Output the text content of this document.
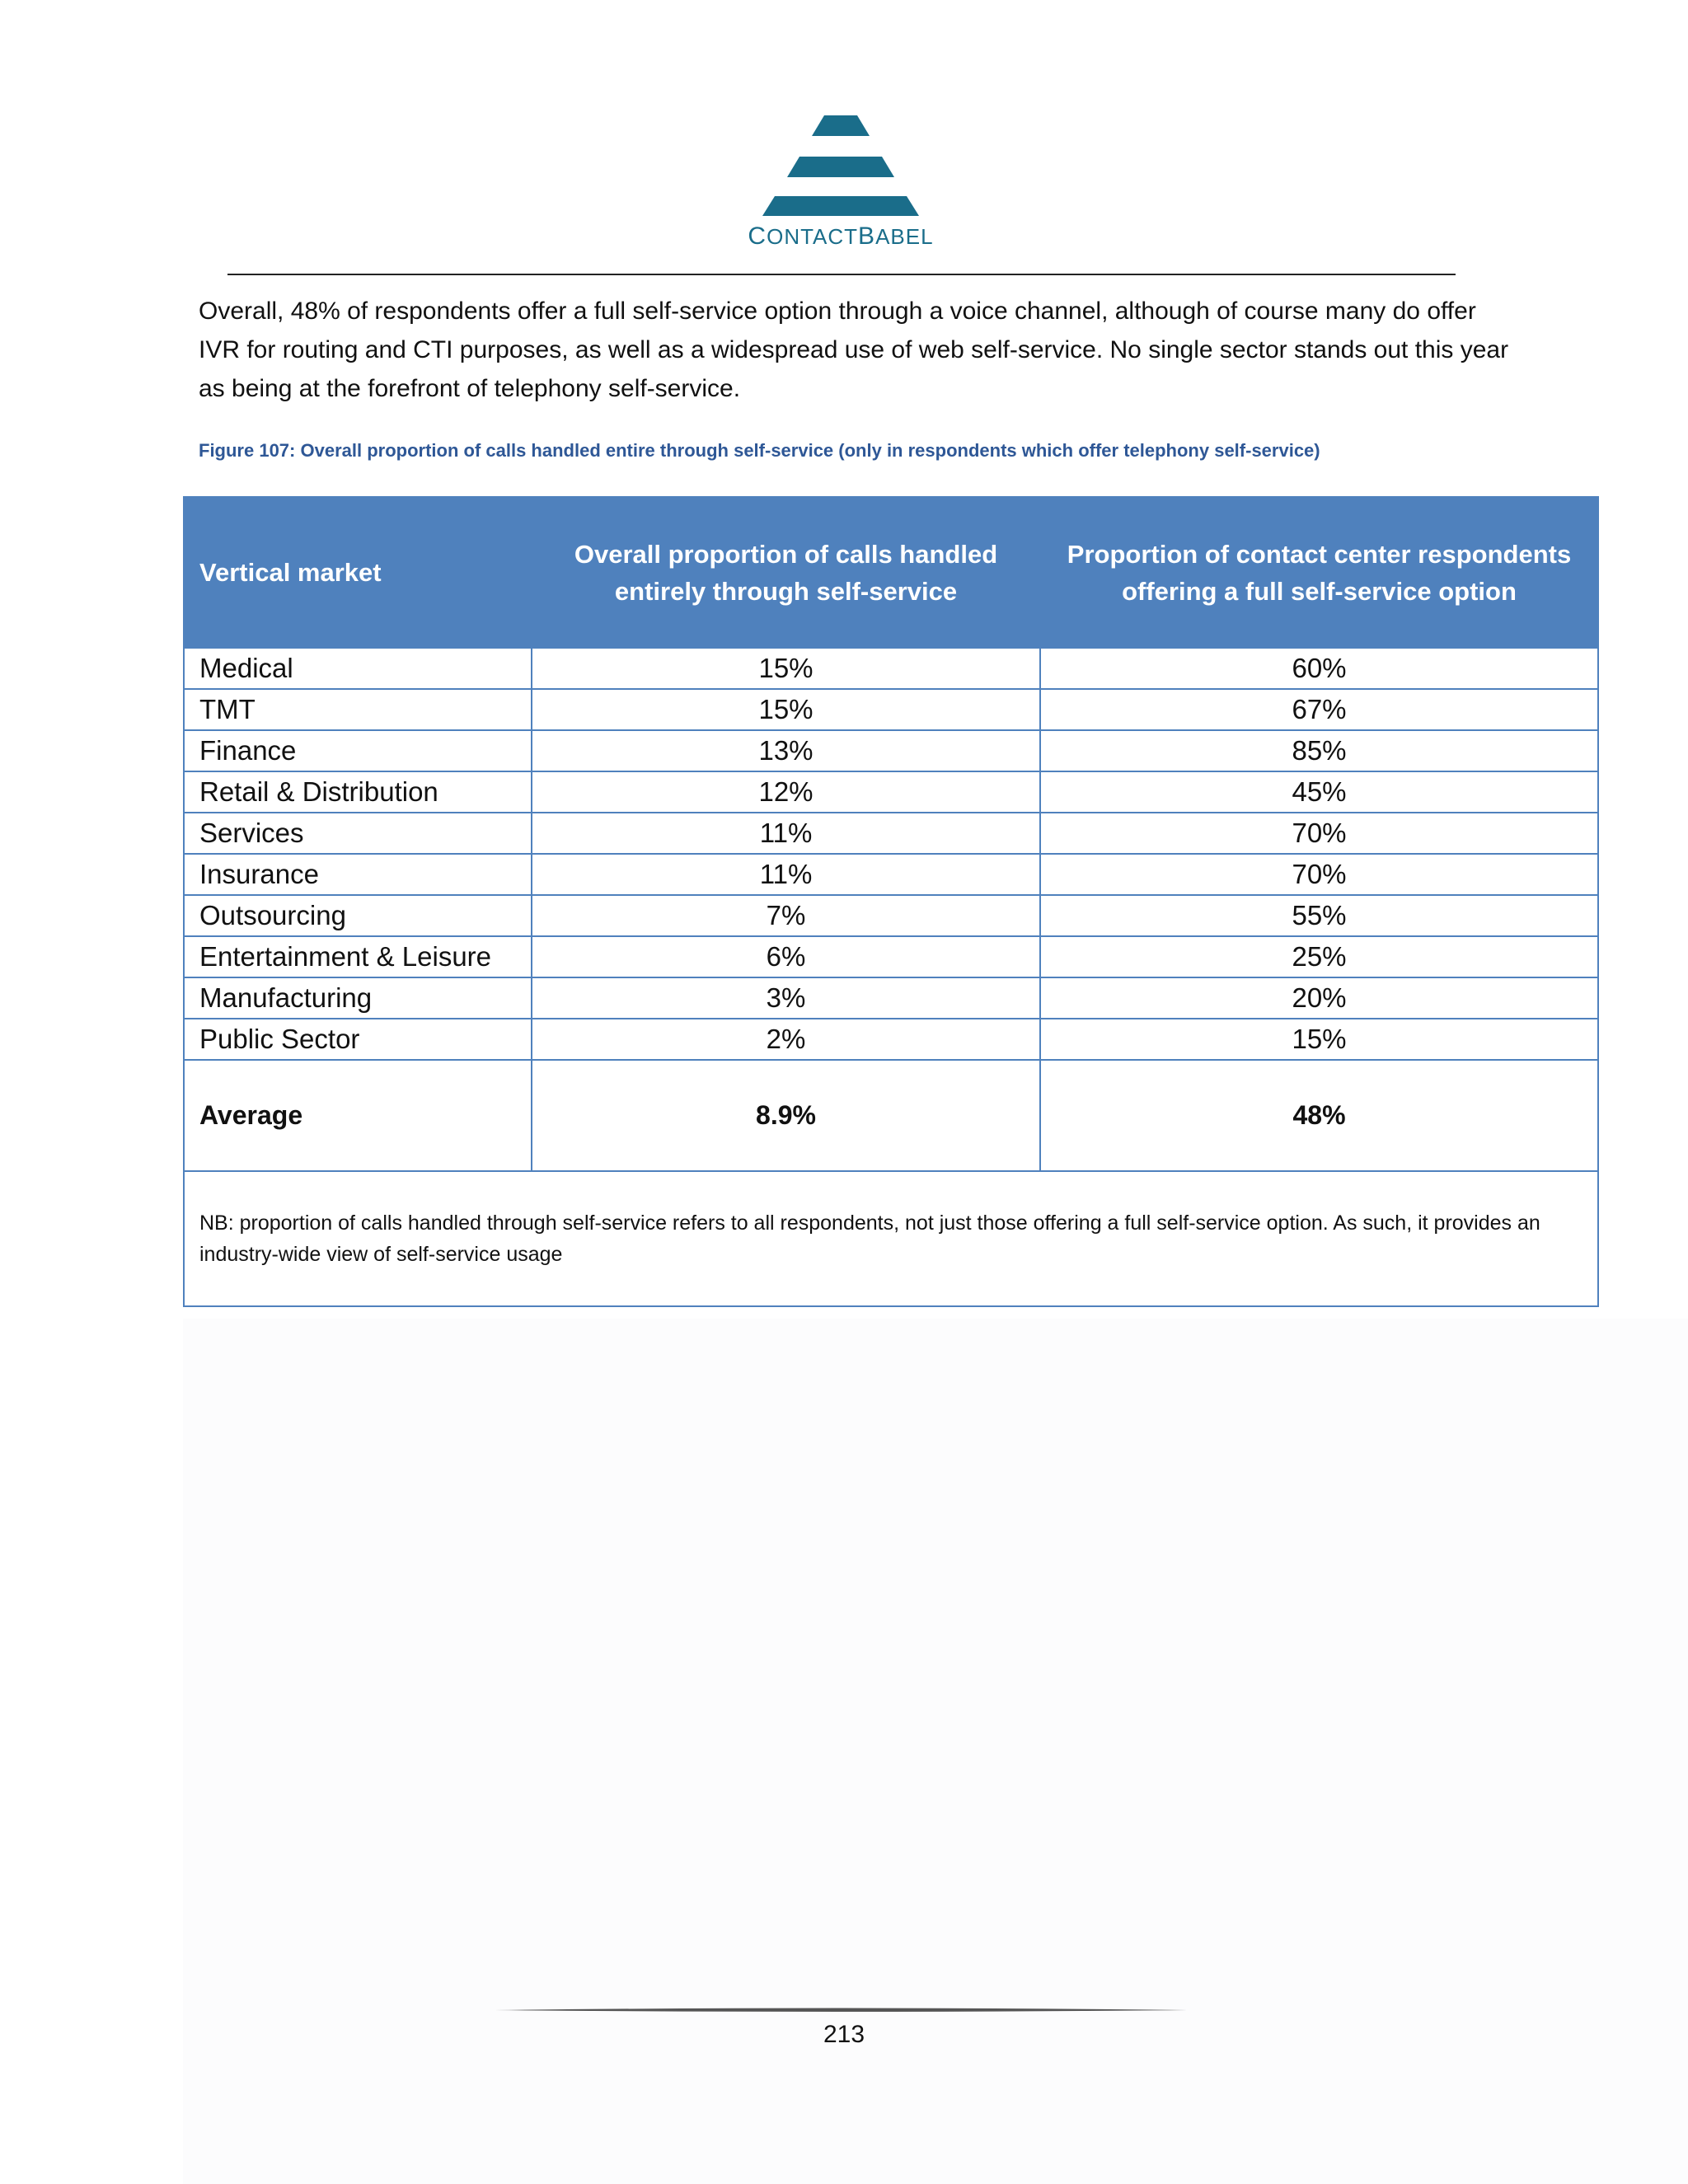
CONTACTBABEL
Overall, 48% of respondents offer a full self-service option through a voice channel, although of course many do offer IVR for routing and CTI purposes, as well as a widespread use of web self-service. No single sector stands out this year as being at the forefront of telephony self-service.
Figure 107: Overall proportion of calls handled entire through self-service (only in respondents which offer telephony self-service)
Vertical market	Overall proportion of calls handled entirely through self-service	Proportion of contact center respondents offering a full self-service option
Medical	15%	60%
TMT	15%	67%
Finance	13%	85%
Retail & Distribution	12%	45%
Services	11%	70%
Insurance	11%	70%
Outsourcing	7%	55%
Entertainment & Leisure	6%	25%
Manufacturing	3%	20%
Public Sector	2%	15%
Average	8.9%	48%
NB: proportion of calls handled through self-service refers to all respondents, not just those offering a full self-service option. As such, it provides an industry-wide view of self-service usage		
213
